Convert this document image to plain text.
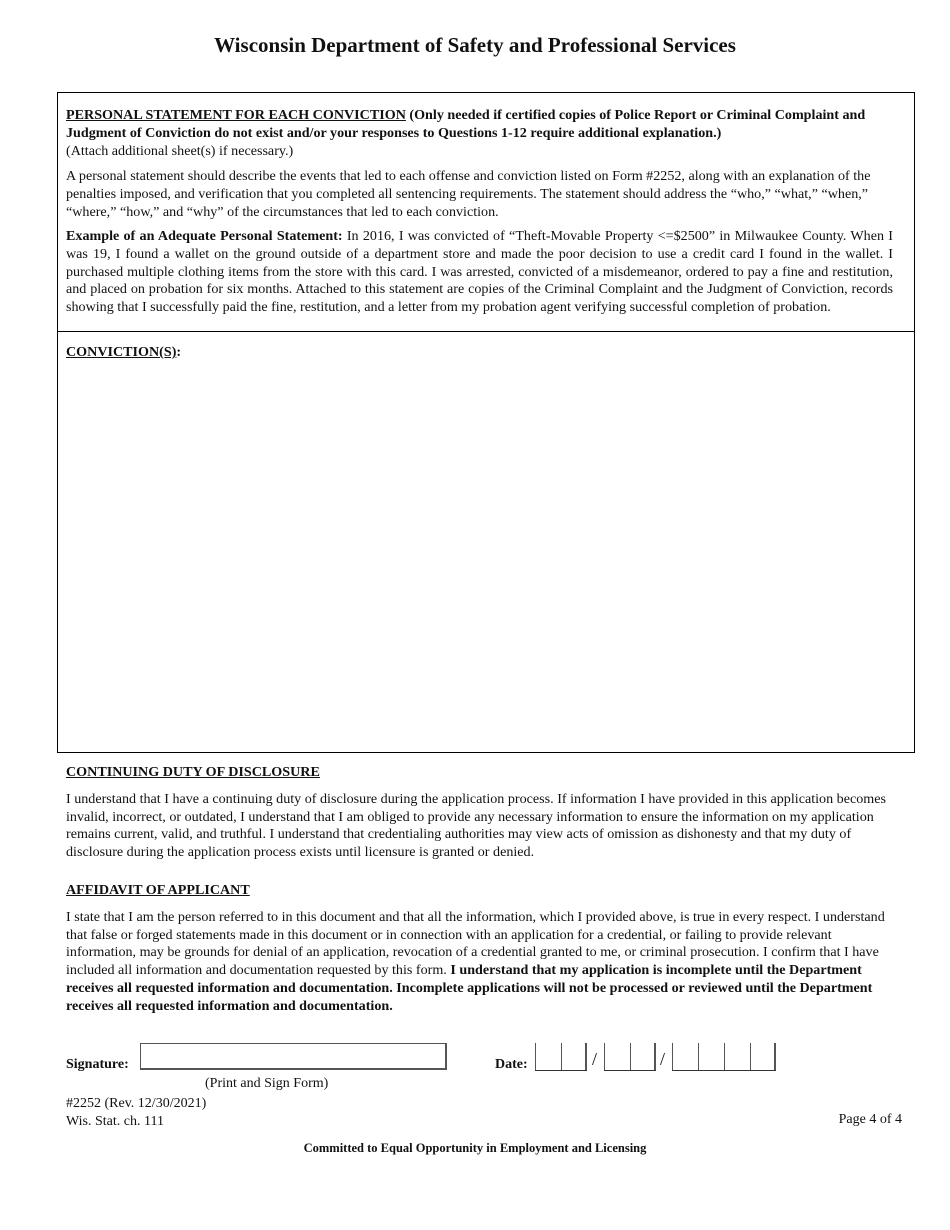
Wisconsin Department of Safety and Professional Services
PERSONAL STATEMENT FOR EACH CONVICTION (Only needed if certified copies of Police Report or Criminal Complaint and Judgment of Conviction do not exist and/or your responses to Questions 1-12 require additional explanation.)
(Attach additional sheet(s) if necessary.)
A personal statement should describe the events that led to each offense and conviction listed on Form #2252, along with an explanation of the penalties imposed, and verification that you completed all sentencing requirements. The statement should address the “who,” “what,” “when,” “where,” “how,” and “why” of the circumstances that led to each conviction.
Example of an Adequate Personal Statement: In 2016, I was convicted of “Theft-Movable Property <=$2500” in Milwaukee County. When I was 19, I found a wallet on the ground outside of a department store and made the poor decision to use a credit card I found in the wallet. I purchased multiple clothing items from the store with this card. I was arrested, convicted of a misdemeanor, ordered to pay a fine and restitution, and placed on probation for six months. Attached to this statement are copies of the Criminal Complaint and the Judgment of Conviction, records showing that I successfully paid the fine, restitution, and a letter from my probation agent verifying successful completion of probation.
CONVICTION(S):
CONTINUING DUTY OF DISCLOSURE
I understand that I have a continuing duty of disclosure during the application process. If information I have provided in this application becomes invalid, incorrect, or outdated, I understand that I am obliged to provide any necessary information to ensure the information on my application remains current, valid, and truthful. I understand that credentialing authorities may view acts of omission as dishonesty and that my duty of disclosure during the application process exists until licensure is granted or denied.
AFFIDAVIT OF APPLICANT
I state that I am the person referred to in this document and that all the information, which I provided above, is true in every respect. I understand that false or forged statements made in this document or in connection with an application for a credential, or failing to provide relevant information, may be grounds for denial of an application, revocation of a credential granted to me, or criminal prosecution. I confirm that I have included all information and documentation requested by this form. I understand that my application is incomplete until the Department receives all requested information and documentation. Incomplete applications will not be processed or reviewed until the Department receives all requested information and documentation.
Signature:	Date:	/	/
(Print and Sign Form)
#2252 (Rev. 12/30/2021)
Wis. Stat. ch. 111	Page 4 of 4
Committed to Equal Opportunity in Employment and Licensing
